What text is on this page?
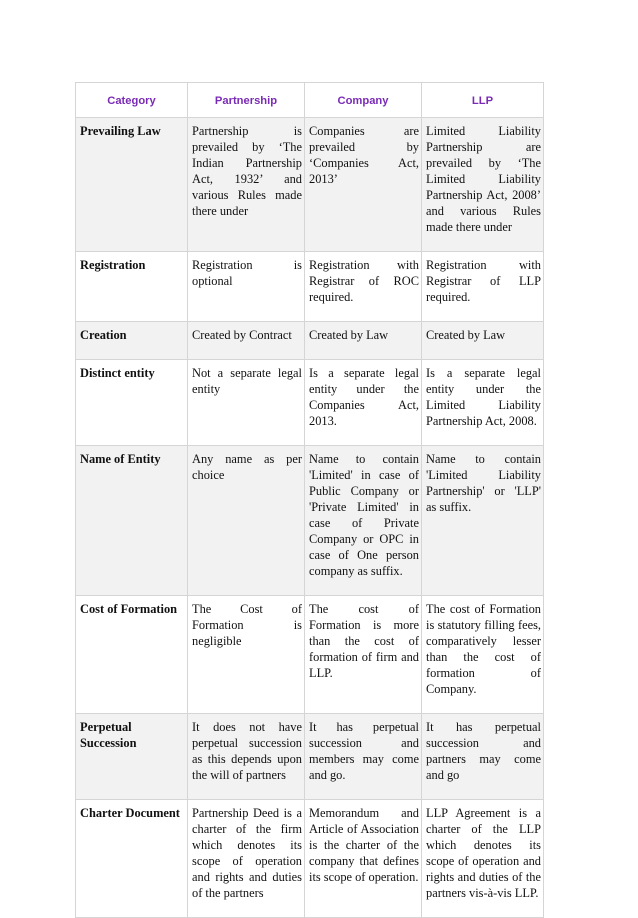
Category	Partnership	Company	LLP
Prevailing Law	Partnership is prevailed by ‘The Indian Partnership Act, 1932’ and various Rules made there under	Companies are prevailed by ‘Companies Act, 2013’	Limited Liability Partnership are prevailed by ‘The Limited Liability Partnership Act, 2008’ and various Rules made there under
Registration	Registration is optional	Registration with Registrar of ROC required.	Registration with Registrar of LLP required.
Creation	Created by Contract	Created by Law	Created by Law
Distinct entity	Not a separate legal entity	Is a separate legal entity under the Companies Act, 2013.	Is a separate legal entity under the Limited Liability Partnership Act, 2008.
Name of Entity	Any name as per choice	Name to contain 'Limited' in case of Public Company or 'Private Limited' in case of Private Company or OPC in case of One person company as suffix.	Name to contain 'Limited Liability Partnership' or 'LLP' as suffix.
Cost of Formation	The Cost of Formation is negligible	The cost of Formation is more than the cost of formation of firm and LLP.	The cost of Formation is statutory filling fees, comparatively lesser than the cost of formation of Company.
Perpetual Succession	It does not have perpetual succession as this depends upon the will of partners	It has perpetual succession and members may come and go.	It has perpetual succession and partners may come and go
Charter Document	Partnership Deed is a charter of the firm which denotes its scope of operation and rights and duties of the partners	Memorandum and Article of Association is the charter of the company that defines its scope of operation.	LLP Agreement is a charter of the LLP which denotes its scope of operation and rights and duties of the partners vis-à-vis LLP.
